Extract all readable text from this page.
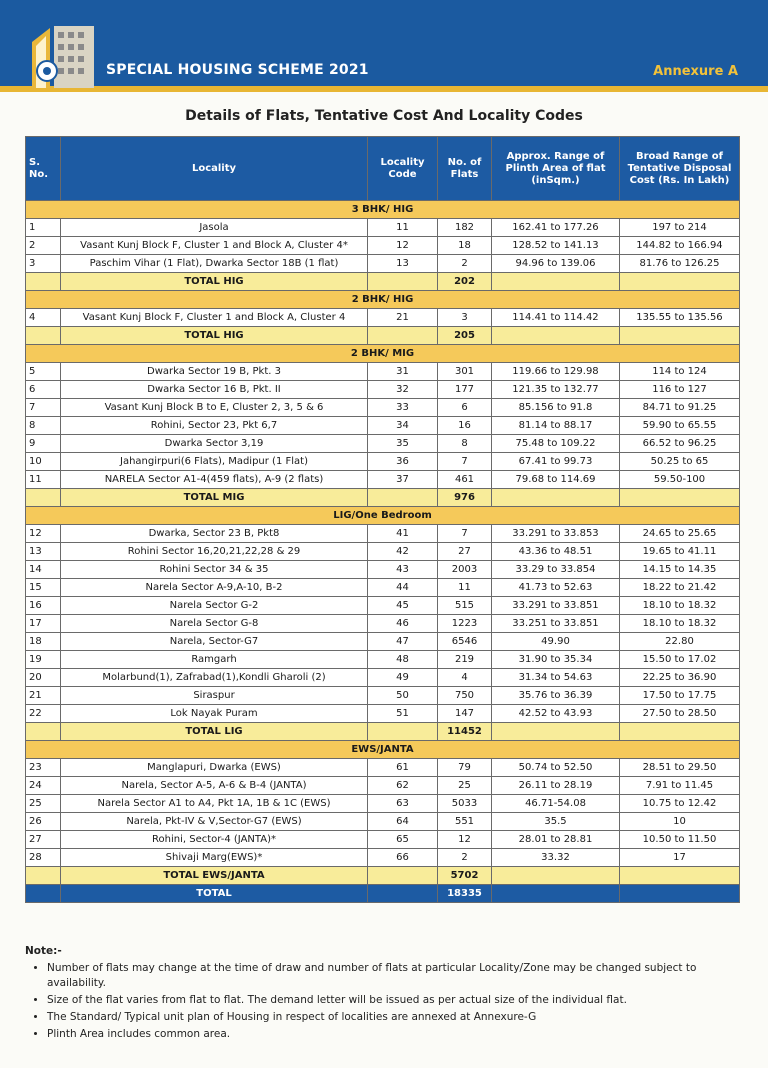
SPECIAL HOUSING SCHEME 2021	Annexure A
Details of Flats, Tentative Cost And Locality Codes
S. No.	Locality	Locality Code	No. of Flats	Approx. Range of Plinth Area of flat (inSqm.)	Broad Range of Tentative Disposal Cost (Rs. In Lakh)
3 BHK/ HIG					
1	Jasola	11	182	162.41 to 177.26	197 to 214
2	Vasant Kunj Block F, Cluster 1 and Block A, Cluster 4*	12	18	128.52 to 141.13	144.82 to 166.94
3	Paschim Vihar (1 Flat), Dwarka Sector 18B (1 flat)	13	2	94.96 to 139.06	81.76 to 126.25
	TOTAL HIG		202		
2 BHK/ HIG					
4	Vasant Kunj Block F, Cluster 1 and Block A, Cluster 4	21	3	114.41 to 114.42	135.55 to 135.56
	TOTAL HIG		205		
2 BHK/ MIG					
5	Dwarka Sector 19 B, Pkt. 3	31	301	119.66 to 129.98	114 to 124
6	Dwarka Sector 16 B, Pkt. II	32	177	121.35 to 132.77	116 to 127
7	Vasant Kunj Block B to E, Cluster 2, 3, 5 & 6	33	6	85.156 to 91.8	84.71 to 91.25
8	Rohini, Sector 23, Pkt 6,7	34	16	81.14 to 88.17	59.90 to 65.55
9	Dwarka Sector 3,19	35	8	75.48 to 109.22	66.52 to 96.25
10	Jahangirpuri(6 Flats), Madipur (1 Flat)	36	7	67.41 to 99.73	50.25 to 65
11	NARELA Sector A1-4(459 flats), A-9 (2 flats)	37	461	79.68 to 114.69	59.50-100
	TOTAL MIG		976		
LIG/One Bedroom					
12	Dwarka, Sector 23 B, Pkt8	41	7	33.291 to 33.853	24.65 to 25.65
13	Rohini Sector 16,20,21,22,28 & 29	42	27	43.36 to 48.51	19.65 to 41.11
14	Rohini Sector 34 & 35	43	2003	33.29 to 33.854	14.15 to 14.35
15	Narela Sector A-9,A-10, B-2	44	11	41.73 to 52.63	18.22 to 21.42
16	Narela Sector G-2	45	515	33.291 to 33.851	18.10 to 18.32
17	Narela Sector G-8	46	1223	33.251 to 33.851	18.10 to 18.32
18	Narela, Sector-G7	47	6546	49.90	22.80
19	Ramgarh	48	219	31.90 to 35.34	15.50 to 17.02
20	Molarbund(1), Zafrabad(1),Kondli Gharoli (2)	49	4	31.34 to 54.63	22.25 to 36.90
21	Siraspur	50	750	35.76 to 36.39	17.50 to 17.75
22	Lok Nayak Puram	51	147	42.52 to 43.93	27.50 to 28.50
	TOTAL LIG		11452		
EWS/JANTA					
23	Manglapuri, Dwarka (EWS)	61	79	50.74 to 52.50	28.51 to 29.50
24	Narela, Sector A-5, A-6 & B-4 (JANTA)	62	25	26.11 to 28.19	7.91 to 11.45
25	Narela Sector A1 to A4, Pkt 1A, 1B & 1C (EWS)	63	5033	46.71-54.08	10.75 to 12.42
26	Narela, Pkt-IV & V,Sector-G7 (EWS)	64	551	35.5	10
27	Rohini, Sector-4 (JANTA)*	65	12	28.01 to 28.81	10.50 to 11.50
28	Shivaji Marg(EWS)*	66	2	33.32	17
	TOTAL EWS/JANTA		5702		
	TOTAL		18335		
Note:-
• Number of flats may change at the time of draw and number of flats at particular Locality/Zone may be changed subject to availability.
• Size of the flat varies from flat to flat. The demand letter will be issued as per actual size of the individual flat.
• The Standard/ Typical unit plan of Housing in respect of localities are annexed at Annexure-G
• Plinth Area includes common area.
